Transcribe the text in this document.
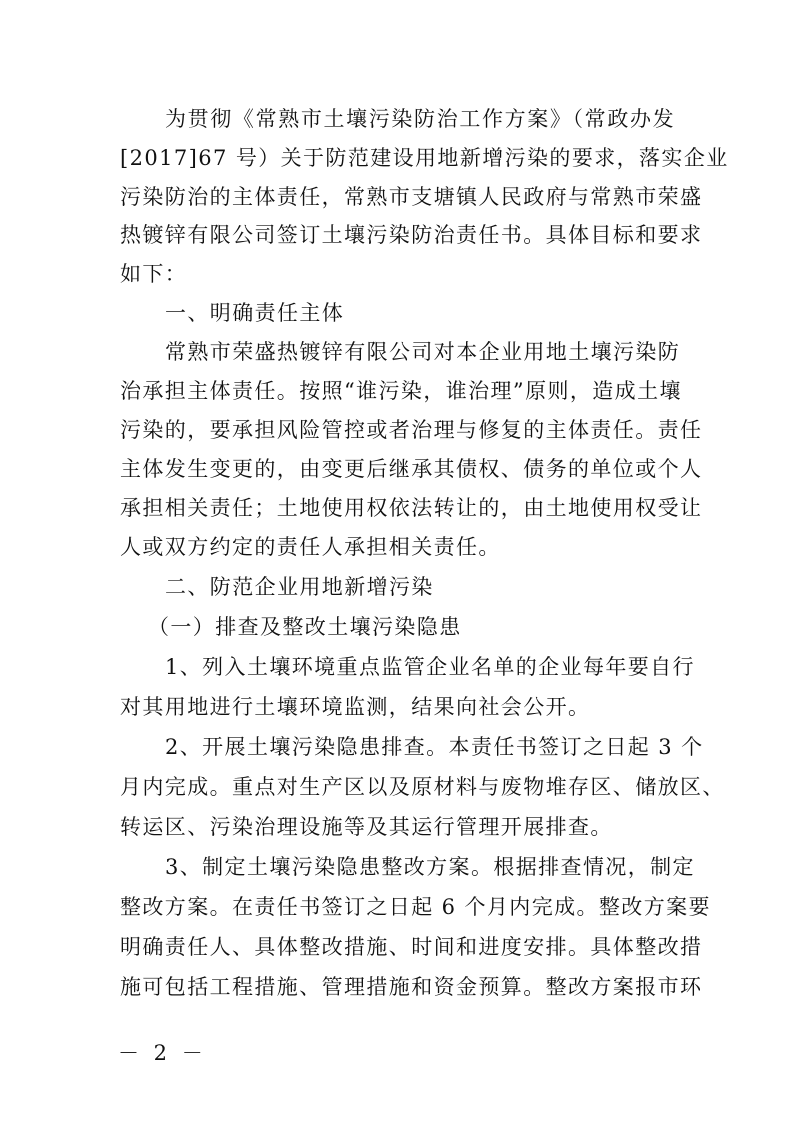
为贯彻《常熟市土壤污染防治工作方案》（常政办发
[2017]67 号）关于防范建设用地新增污染的要求，落实企业
污染防治的主体责任，常熟市支塘镇人民政府与常熟市荣盛
热镀锌有限公司签订土壤污染防治责任书。具体目标和要求
如下：
一、明确责任主体
常熟市荣盛热镀锌有限公司对本企业用地土壤污染防
治承担主体责任。按照“谁污染，谁治理”原则，造成土壤
污染的，要承担风险管控或者治理与修复的主体责任。责任
主体发生变更的，由变更后继承其债权、债务的单位或个人
承担相关责任；土地使用权依法转让的，由土地使用权受让
人或双方约定的责任人承担相关责任。
二、防范企业用地新增污染
（一）排查及整改土壤污染隐患
1、列入土壤环境重点监管企业名单的企业每年要自行
对其用地进行土壤环境监测，结果向社会公开。
2、开展土壤污染隐患排查。本责任书签订之日起 3 个
月内完成。重点对生产区以及原材料与废物堆存区、储放区、
转运区、污染治理设施等及其运行管理开展排查。
3、制定土壤污染隐患整改方案。根据排查情况，制定
整改方案。在责任书签订之日起 6 个月内完成。整改方案要
明确责任人、具体整改措施、时间和进度安排。具体整改措
施可包括工程措施、管理措施和资金预算。整改方案报市环
－ 2 －
